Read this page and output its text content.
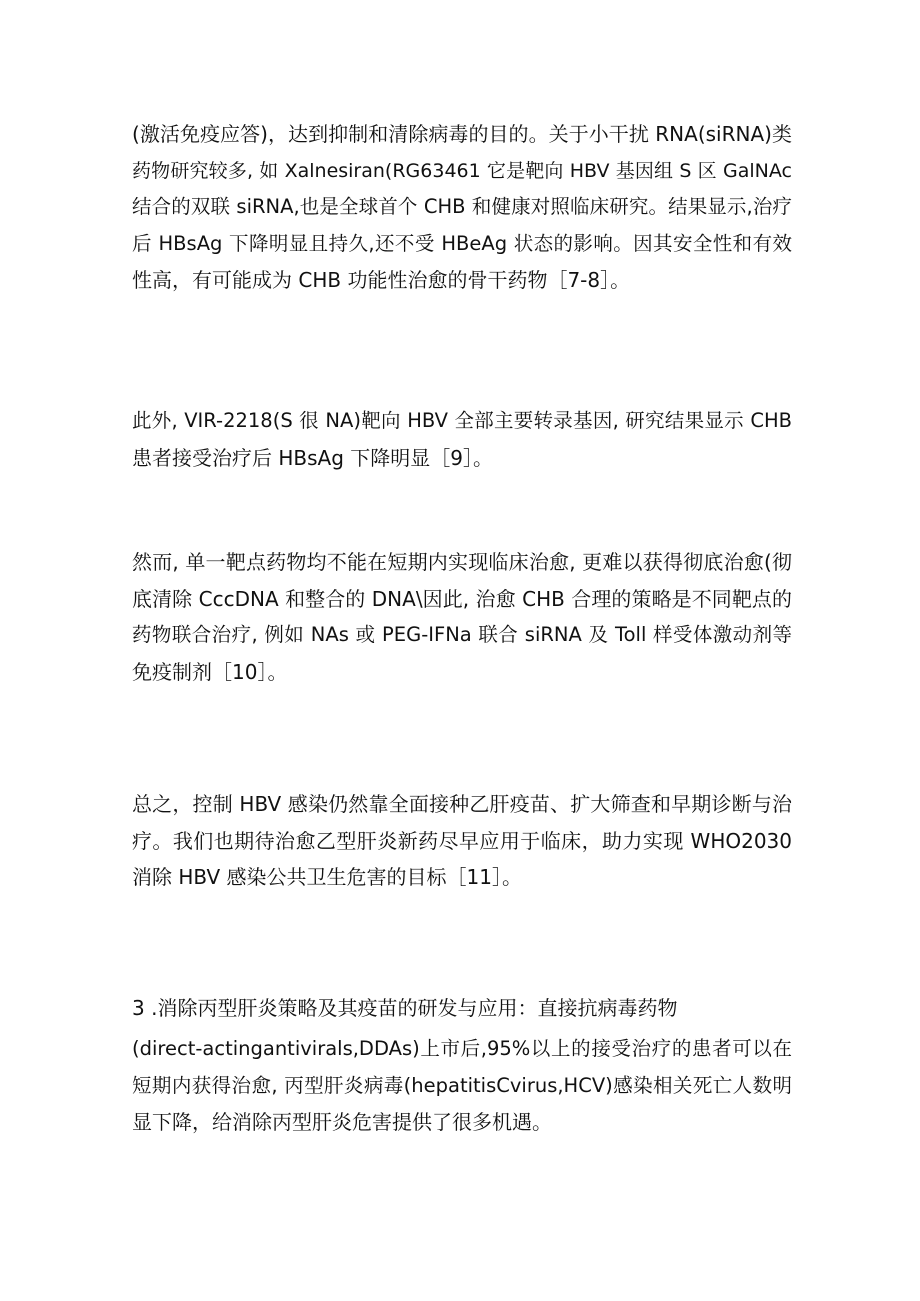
(激活免疫应答)，达到抑制和清除病毒的目的。关于小干扰 RNA(siRNA)类
药物研究较多, 如 Xalnesiran(RG63461 它是靶向 HBV 基因组 S 区 GalNAc
结合的双联 siRNA,也是全球首个 CHB 和健康对照临床研究。结果显示,治疗
后 HBsAg 下降明显且持久,还不受 HBeAg 状态的影响。因其安全性和有效
性高，有可能成为 CHB 功能性治愈的骨干药物［7-8］。
此外, VIR-2218(S 很 NA)靶向 HBV 全部主要转录基因, 研究结果显示 CHB
患者接受治疗后 HBsAg 下降明显［9］。
然而, 单一靶点药物均不能在短期内实现临床治愈, 更难以获得彻底治愈(彻
底清除 CccDNA 和整合的 DNA\因此, 治愈 CHB 合理的策略是不同靶点的
药物联合治疗, 例如 NAs 或 PEG-IFNa 联合 siRNA 及 Toll 样受体激动剂等
免疫制剂［10］。
总之，控制 HBV 感染仍然靠全面接种乙肝疫苗、扩大筛查和早期诊断与治
疗。我们也期待治愈乙型肝炎新药尽早应用于临床，助力实现 WHO2030
消除 HBV 感染公共卫生危害的目标［11］。
3 .消除丙型肝炎策略及其疫苗的研发与应用：直接抗病毒药物
(direct-actingantivirals,DDAs)上市后,95%以上的接受治疗的患者可以在
短期内获得治愈, 丙型肝炎病毒(hepatitisCvirus,HCV)感染相关死亡人数明
显下降，给消除丙型肝炎危害提供了很多机遇。
